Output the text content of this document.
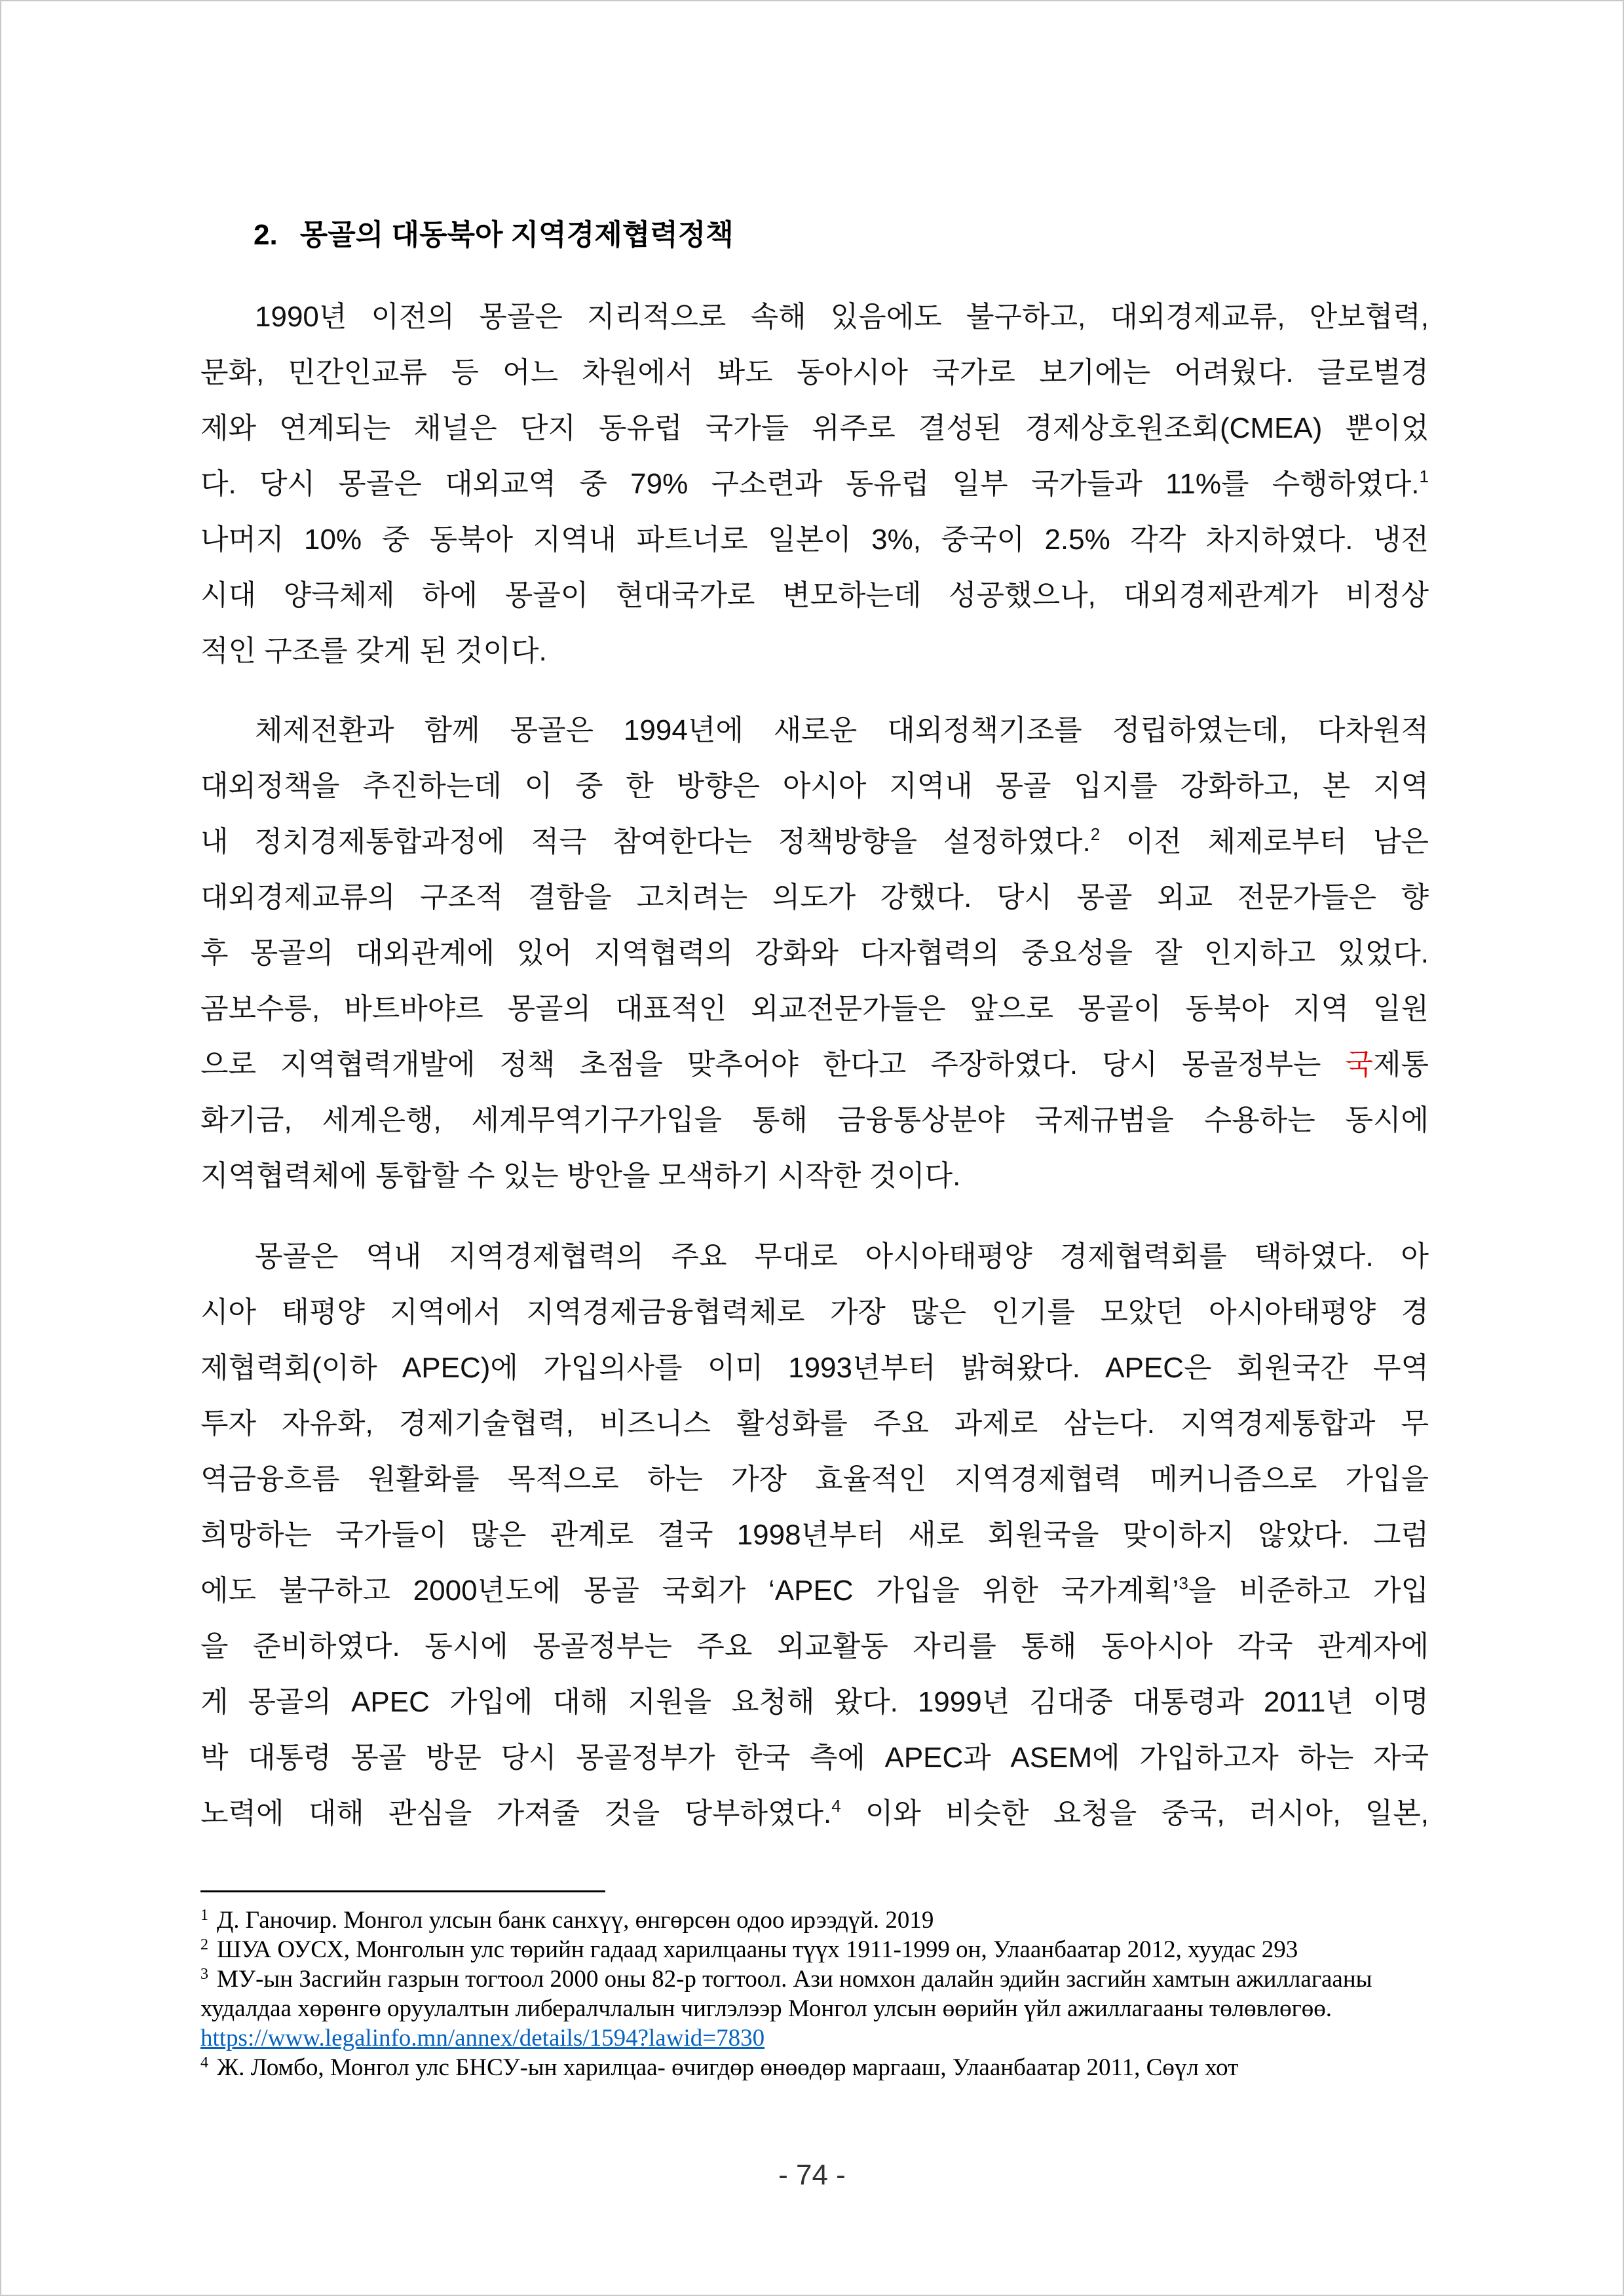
2. 몽골의 대동북아 지역경제협력정책
1990년 이전의 몽골은 지리적으로 속해 있음에도 불구하고, 대외경제교류, 안보협력,
문화, 민간인교류 등 어느 차원에서 봐도 동아시아 국가로 보기에는 어려웠다. 글로벌경
제와 연계되는 채널은 단지 동유럽 국가들 위주로 결성된 경제상호원조회(CMEA) 뿐이었
다. 당시 몽골은 대외교역 중 79% 구소련과 동유럽 일부 국가들과 11%를 수행하였다.$^1$
나머지 10% 중 동북아 지역내 파트너로 일본이 3%, 중국이 2.5% 각각 차지하였다. 냉전
시대 양극체제 하에 몽골이 현대국가로 변모하는데 성공했으나, 대외경제관계가 비정상
적인 구조를 갖게 된 것이다.
체제전환과 함께 몽골은 1994년에 새로운 대외정책기조를 정립하였는데, 다차원적
대외정책을 추진하는데 이 중 한 방향은 아시아 지역내 몽골 입지를 강화하고, 본 지역
내 정치경제통합과정에 적극 참여한다는 정책방향을 설정하였다.$^2$ 이전 체제로부터 남은
대외경제교류의 구조적 결함을 고치려는 의도가 강했다. 당시 몽골 외교 전문가들은 향
후 몽골의 대외관계에 있어 지역협력의 강화와 다자협력의 중요성을 잘 인지하고 있었다.
곰보수릉, 바트바야르 몽골의 대표적인 외교전문가들은 앞으로 몽골이 동북아 지역 일원
으로 지역협력개발에 정책 초점을 맞추어야 한다고 주장하였다. 당시 몽골정부는 국제통
화기금, 세계은행, 세계무역기구가입을 통해 금융통상분야 국제규범을 수용하는 동시에
지역협력체에 통합할 수 있는 방안을 모색하기 시작한 것이다.
몽골은 역내 지역경제협력의 주요 무대로 아시아태평양 경제협력회를 택하였다. 아
시아 태평양 지역에서 지역경제금융협력체로 가장 많은 인기를 모았던 아시아태평양 경
제협력회(이하 APEC)에 가입의사를 이미 1993년부터 밝혀왔다. APEC은 회원국간 무역
투자 자유화, 경제기술협력, 비즈니스 활성화를 주요 과제로 삼는다. 지역경제통합과 무
역금융흐름 원활화를 목적으로 하는 가장 효율적인 지역경제협력 메커니즘으로 가입을
희망하는 국가들이 많은 관계로 결국 1998년부터 새로 회원국을 맞이하지 않았다. 그럼
에도 불구하고 2000년도에 몽골 국회가 ‘APEC 가입을 위한 국가계획’$^3$을 비준하고 가입
을 준비하였다. 동시에 몽골정부는 주요 외교활동 자리를 통해 동아시아 각국 관계자에
게 몽골의 APEC 가입에 대해 지원을 요청해 왔다. 1999년 김대중 대통령과 2011년 이명
박 대통령 몽골 방문 당시 몽골정부가 한국 측에 APEC과 ASEM에 가입하고자 하는 자국
노력에 대해 관심을 가져줄 것을 당부하였다.$^4$ 이와 비슷한 요청을 중국, 러시아, 일본,
1 Д. Ганочир. Монгол улсын банк санхүү, өнгөрсөн одоо ирээдүй. 2019
2 ШУА ОУСХ, Монголын улс төрийн гадаад харилцааны түүх 1911-1999 он, Улаанбаатар 2012, хуудас 293
3 МУ-ын Засгийн газрын тогтоол 2000 оны 82-р тогтоол. Ази номхон далайн эдийн засгийн хамтын ажиллагааны
худалдаа хөрөнгө оруулалтын либералчлалын чиглэлээр Монгол улсын өөрийн үйл ажиллагааны төлөвлөгөө.
https://www.legalinfo.mn/annex/details/1594?lawid=7830
4 Ж. Ломбо, Монгол улс БНСУ-ын харилцаа- өчигдөр өнөөдөр маргааш, Улаанбаатар 2011, Сөүл хот
- 74 -
